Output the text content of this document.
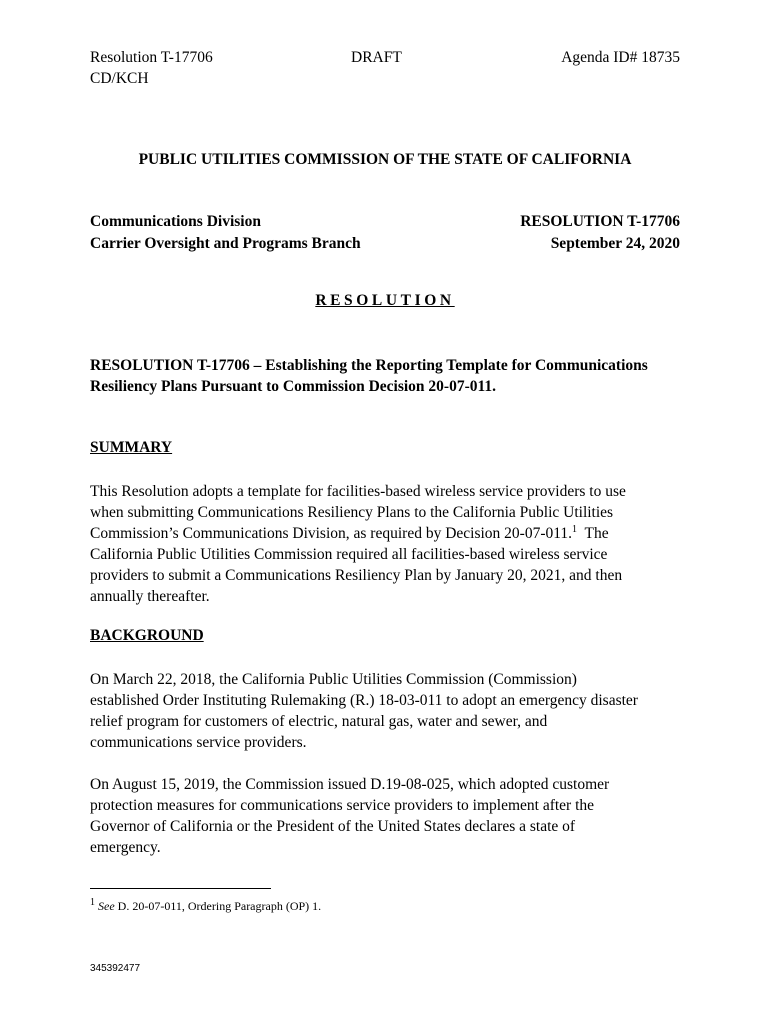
Resolution T-17706
CD/KCH
DRAFT	Agenda ID# 18735
PUBLIC UTILITIES COMMISSION OF THE STATE OF CALIFORNIA
Communications Division
Carrier Oversight and Programs Branch
RESOLUTION T-17706
September 24, 2020
RESOLUTION
RESOLUTION T-17706 – Establishing the Reporting Template for Communications
Resiliency Plans Pursuant to Commission Decision 20-07-011.
SUMMARY
This Resolution adopts a template for facilities-based wireless service providers to use
when submitting Communications Resiliency Plans to the California Public Utilities
Commission’s Communications Division, as required by Decision 20-07-011.$^1$  The
California Public Utilities Commission required all facilities-based wireless service
providers to submit a Communications Resiliency Plan by January 20, 2021, and then
annually thereafter.
BACKGROUND
On March 22, 2018, the California Public Utilities Commission (Commission)
established Order Instituting Rulemaking (R.) 18-03-011 to adopt an emergency disaster
relief program for customers of electric, natural gas, water and sewer, and
communications service providers.
On August 15, 2019, the Commission issued D.19-08-025, which adopted customer
protection measures for communications service providers to implement after the
Governor of California or the President of the United States declares a state of
emergency.
$^1$ See D. 20-07-011, Ordering Paragraph (OP) 1.
345392477
